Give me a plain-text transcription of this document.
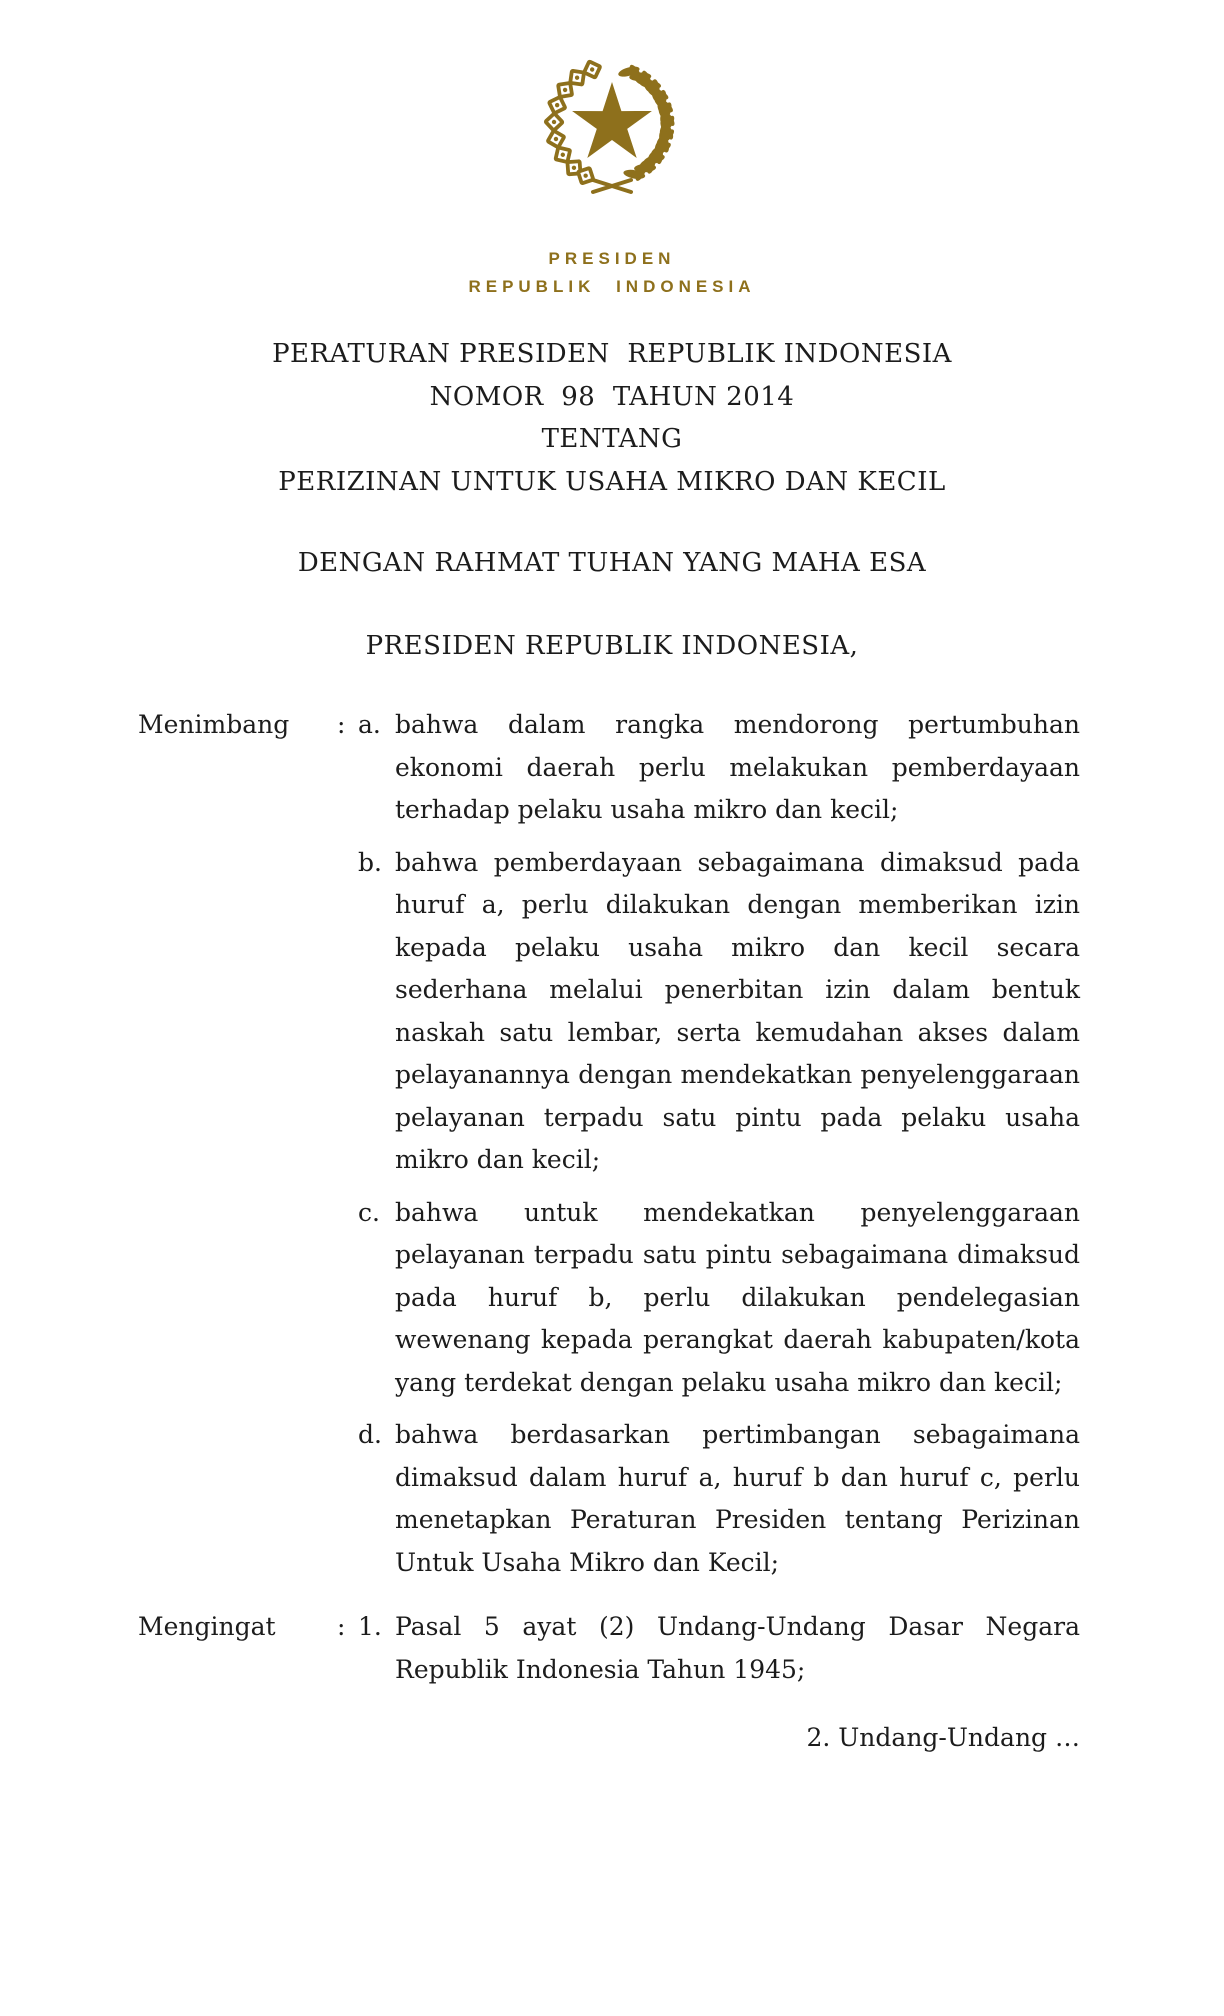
PRESIDEN
REPUBLIK INDONESIA
PERATURAN PRESIDEN  REPUBLIK INDONESIA
NOMOR  98  TAHUN 2014
TENTANG
PERIZINAN UNTUK USAHA MIKRO DAN KECIL
DENGAN RAHMAT TUHAN YANG MAHA ESA
PRESIDEN REPUBLIK INDONESIA,
Menimbang	: a. bahwa dalam rangka mendorong pertumbuhan ekonomi daerah perlu melakukan pemberdayaan terhadap pelaku usaha mikro dan kecil;
b. bahwa pemberdayaan sebagaimana dimaksud pada huruf a, perlu dilakukan dengan memberikan izin kepada pelaku usaha mikro dan kecil secara sederhana melalui penerbitan izin dalam bentuk naskah satu lembar, serta kemudahan akses dalam pelayanannya dengan mendekatkan penyelenggaraan pelayanan terpadu satu pintu pada pelaku usaha mikro dan kecil;
c. bahwa untuk mendekatkan penyelenggaraan pelayanan terpadu satu pintu sebagaimana dimaksud pada huruf b, perlu dilakukan pendelegasian wewenang kepada perangkat daerah kabupaten/kota yang terdekat dengan pelaku usaha mikro dan kecil;
d. bahwa berdasarkan pertimbangan sebagaimana dimaksud dalam huruf a, huruf b dan huruf c, perlu menetapkan Peraturan Presiden tentang Perizinan Untuk Usaha Mikro dan Kecil;
Mengingat	: 1. Pasal 5 ayat (2) Undang-Undang Dasar Negara Republik Indonesia Tahun 1945;
2. Undang-Undang …
